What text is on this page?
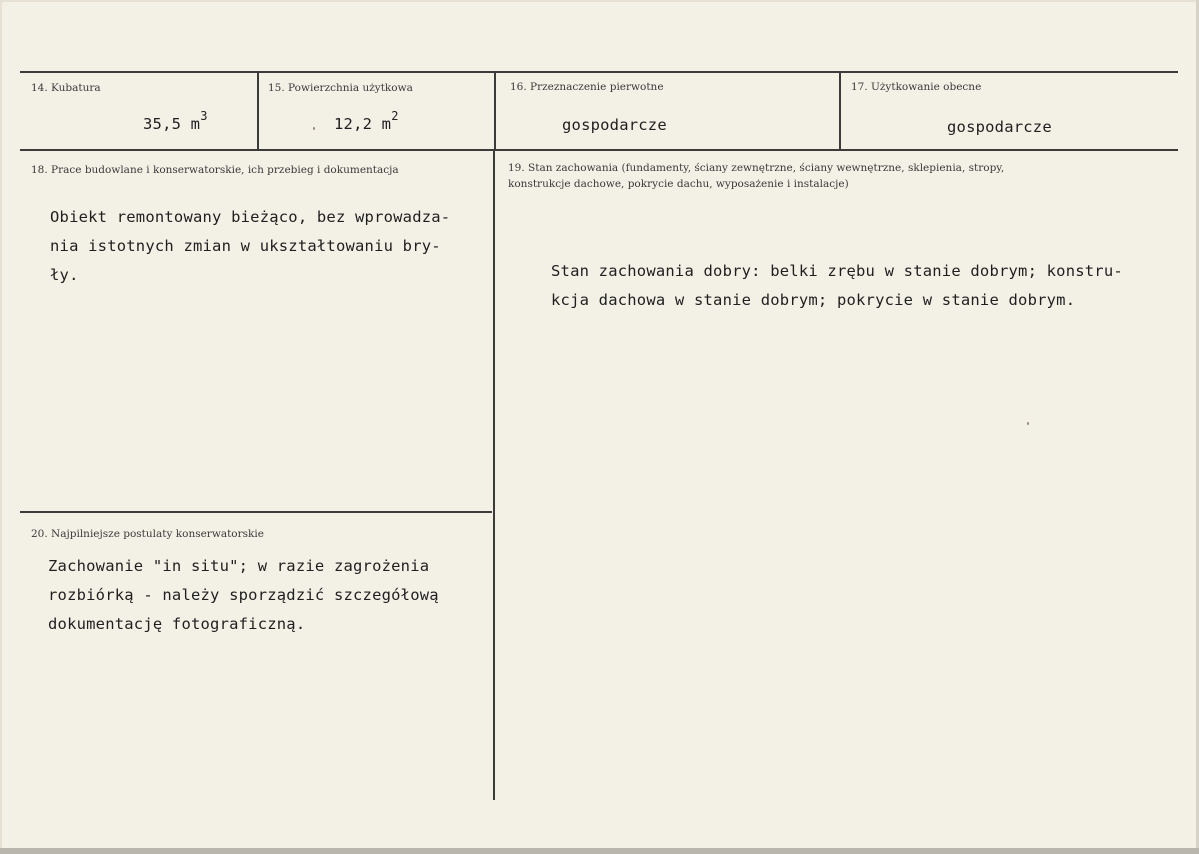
14. Kubatura
35,5 $m^3$
15. Powierzchnia użytkowa
12,2 $m^2$
16. Przeznaczenie pierwotne
gospodarcze
17. Użytkowanie obecne
gospodarcze
18. Prace budowlane i konserwatorskie, ich przebieg i dokumentacja
Obiekt remontowany bieżąco, bez wprowadza-
nia istotnych zmian w ukształtowaniu bry-
ły.
19. Stan zachowania (fundamenty, ściany zewnętrzne, ściany wewnętrzne, sklepienia, stropy,
konstrukcje dachowe, pokrycie dachu, wyposażenie i instalacje)
Stan zachowania dobry: belki zrębu w stanie dobrym; konstru-
kcja dachowa w stanie dobrym; pokrycie w stanie dobrym.
20. Najpilniejsze postulaty konserwatorskie
Zachowanie "in situ"; w razie zagrożenia
rozbiórką - należy sporządzić szczegółową
dokumentację fotograficzną.
